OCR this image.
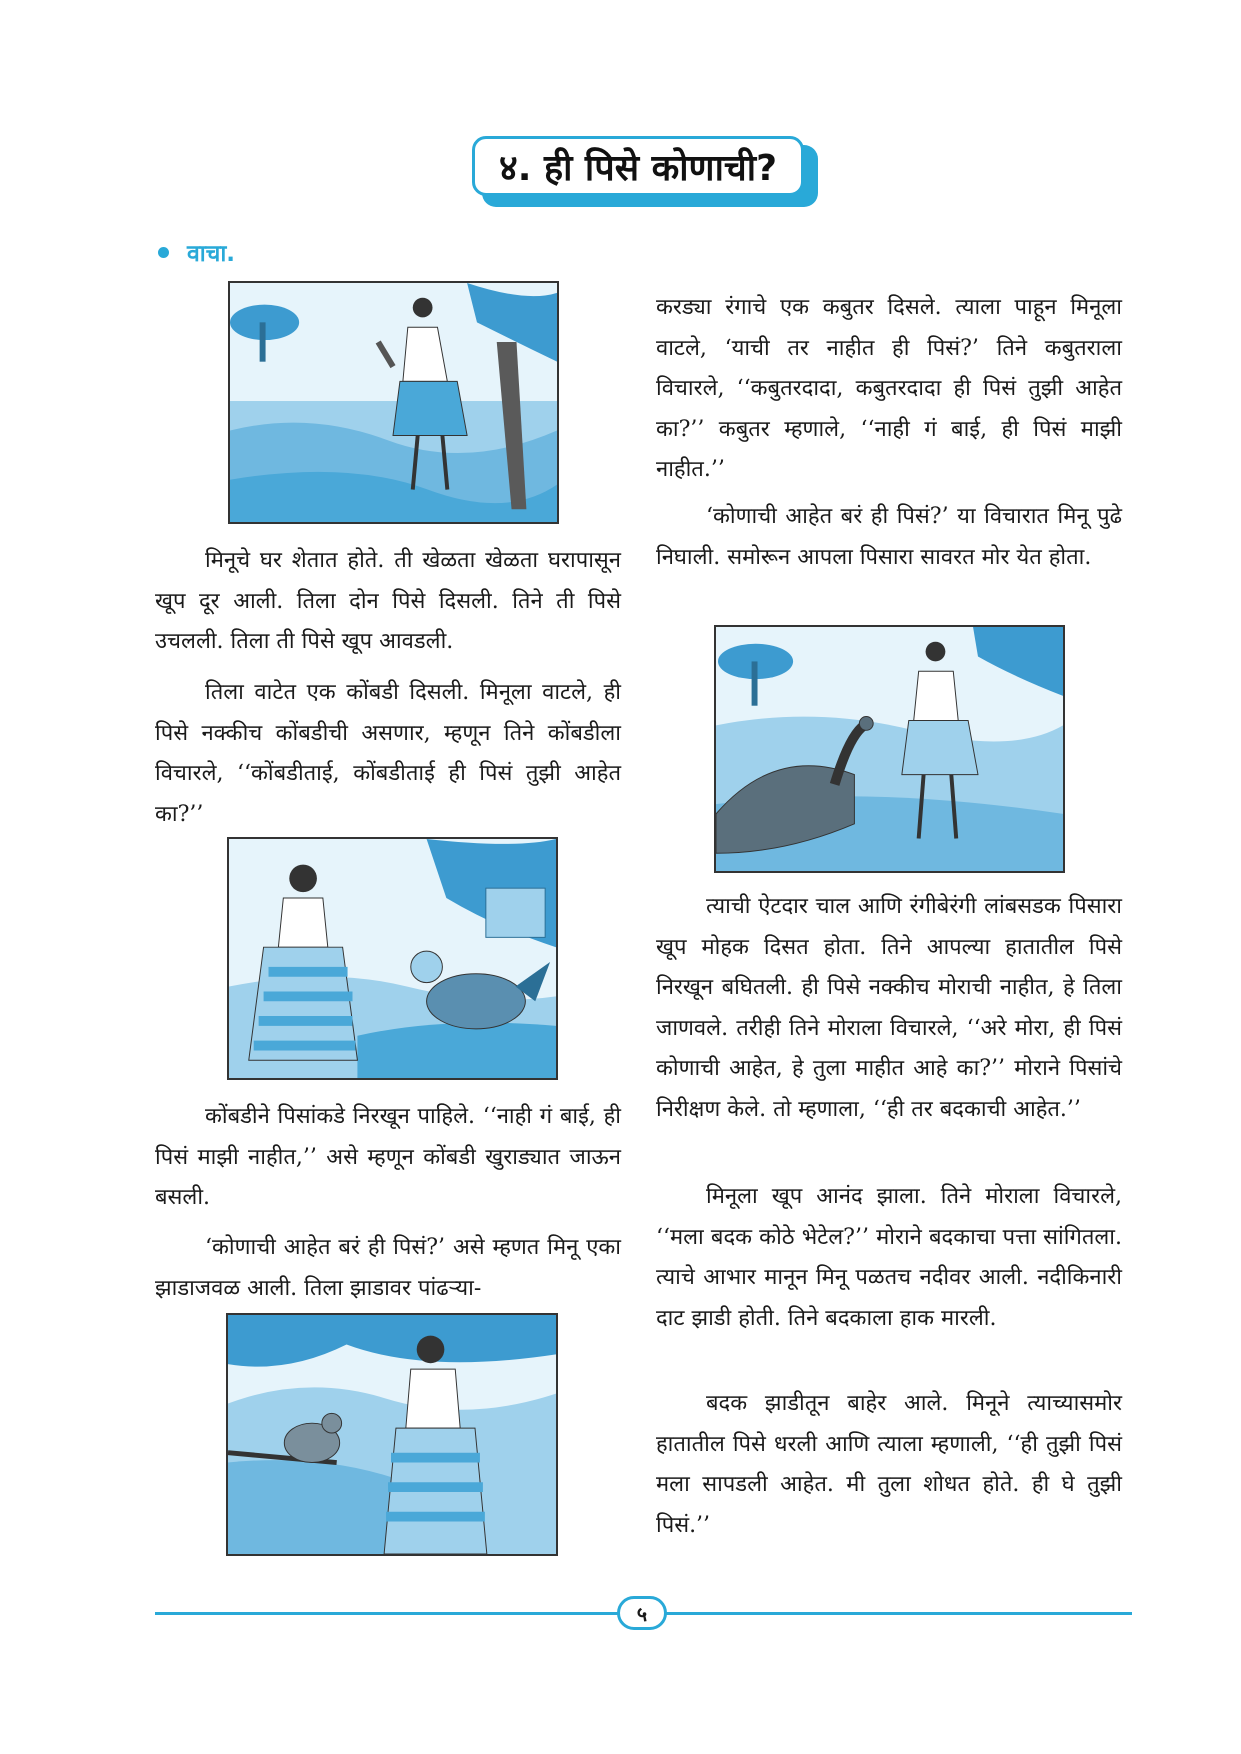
४. ही पिसे कोणाची?
वाचा.

मिनूचे घर शेतात होते. ती खेळता खेळता घरापासून खूप दूर आली. तिला दोन पिसे दिसली. तिने ती पिसे उचलली. तिला ती पिसे खूप आवडली.

तिला वाटेत एक कोंबडी दिसली. मिनूला वाटले, ही पिसे नक्कीच कोंबडीची असणार, म्हणून तिने कोंबडीला विचारले, ‘‘कोंबडीताई, कोंबडीताई ही पिसं तुझी आहेत का?’’

कोंबडीने पिसांकडे निरखून पाहिले. ‘‘नाही गं बाई, ही पिसं माझी नाहीत,’’ असे म्हणून कोंबडी खुराड्यात जाऊन बसली.

‘कोणाची आहेत बरं ही पिसं?’ असे म्हणत मिनू एका झाडाजवळ आली. तिला झाडावर पांढऱ्या-

करड्या रंगाचे एक कबुतर दिसले. त्याला पाहून मिनूला वाटले, ‘याची तर नाहीत ही पिसं?’ तिने कबुतराला विचारले, ‘‘कबुतरदादा, कबुतरदादा ही पिसं तुझी आहेत का?’’ कबुतर म्हणाले, ‘‘नाही गं बाई, ही पिसं माझी नाहीत.’’

‘कोणाची आहेत बरं ही पिसं?’ या विचारात मिनू पुढे निघाली. समोरून आपला पिसारा सावरत मोर येत होता.

त्याची ऐटदार चाल आणि रंगीबेरंगी लांबसडक पिसारा खूप मोहक दिसत होता. तिने आपल्या हातातील पिसे निरखून बघितली. ही पिसे नक्कीच मोराची नाहीत, हे तिला जाणवले. तरीही तिने मोराला विचारले, ‘‘अरे मोरा, ही पिसं कोणाची आहेत, हे तुला माहीत आहे का?’’ मोराने पिसांचे निरीक्षण केले. तो म्हणाला, ‘‘ही तर बदकाची आहेत.’’

मिनूला खूप आनंद झाला. तिने मोराला विचारले, ‘‘मला बदक कोठे भेटेल?’’ मोराने बदकाचा पत्ता सांगितला. त्याचे आभार मानून मिनू पळतच नदीवर आली. नदीकिनारी दाट झाडी होती. तिने बदकाला हाक मारली.

बदक झाडीतून बाहेर आले. मिनूने त्याच्यासमोर हातातील पिसे धरली आणि त्याला म्हणाली, ‘‘ही तुझी पिसं मला सापडली आहेत. मी तुला शोधत होते. ही घे तुझी पिसं.’’

५
